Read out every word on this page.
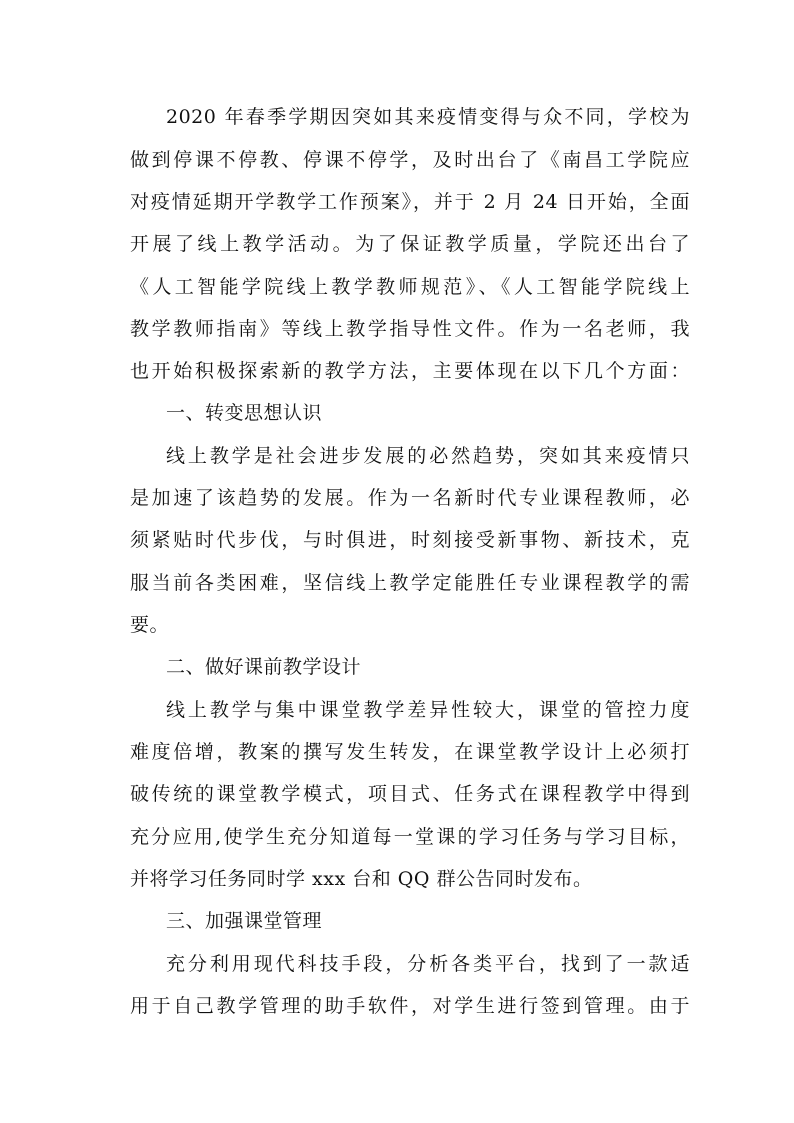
2020 年春季学期因突如其来疫情变得与众不同，学校为
做到停课不停教、停课不停学，及时出台了《南昌工学院应
对疫情延期开学教学工作预案》，并于 2 月 24 日开始，全面
开展了线上教学活动。为了保证教学质量，学院还出台了
《人工智能学院线上教学教师规范》、《人工智能学院线上
教学教师指南》等线上教学指导性文件。作为一名老师，我
也开始积极探索新的教学方法，主要体现在以下几个方面：
一、转变思想认识
线上教学是社会进步发展的必然趋势，突如其来疫情只
是加速了该趋势的发展。作为一名新时代专业课程教师，必
须紧贴时代步伐，与时俱进，时刻接受新事物、新技术，克
服当前各类困难，坚信线上教学定能胜任专业课程教学的需
要。
二、做好课前教学设计
线上教学与集中课堂教学差异性较大，课堂的管控力度
难度倍增，教案的撰写发生转发，在课堂教学设计上必须打
破传统的课堂教学模式，项目式、任务式在课程教学中得到
充分应用,使学生充分知道每一堂课的学习任务与学习目标，
并将学习任务同时学 xxx 台和 QQ 群公告同时发布。
三、加强课堂管理
充分利用现代科技手段，分析各类平台，找到了一款适
用于自己教学管理的助手软件，对学生进行签到管理。由于
